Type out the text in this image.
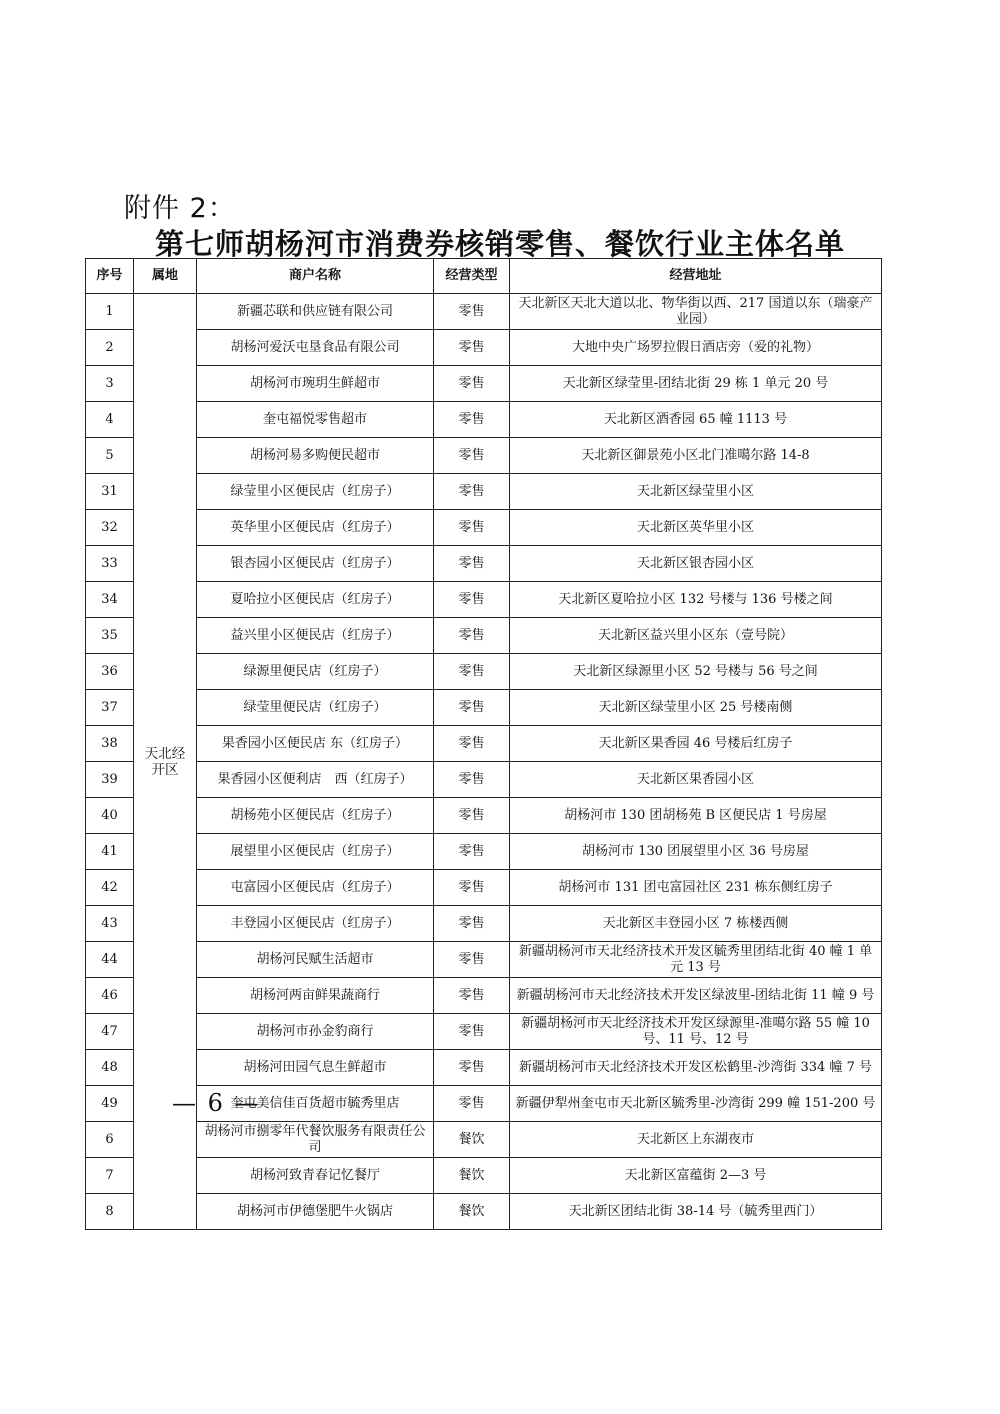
附件 2：
第七师胡杨河市消费券核销零售、餐饮行业主体名单
序号	属地	商户名称	经营类型	经营地址
1	天北经开区	新疆芯联和供应链有限公司	零售	天北新区天北大道以北、物华街以西、217 国道以东（瑞豪产业园）
2		胡杨河爱沃屯垦食品有限公司	零售	大地中央广场罗拉假日酒店旁（爱的礼物）
3		胡杨河市琬玥生鲜超市	零售	天北新区绿莹里-团结北街 29 栋 1 单元 20 号
4		奎屯福悦零售超市	零售	天北新区酒香园 65 幢 1113 号
5		胡杨河易多购便民超市	零售	天北新区御景苑小区北门准噶尔路 14-8
31		绿莹里小区便民店（红房子）	零售	天北新区绿莹里小区
32		英华里小区便民店（红房子）	零售	天北新区英华里小区
33		银杏园小区便民店（红房子）	零售	天北新区银杏园小区
34		夏哈拉小区便民店（红房子）	零售	天北新区夏哈拉小区 132 号楼与 136 号楼之间
35		益兴里小区便民店（红房子）	零售	天北新区益兴里小区东（壹号院）
36		绿源里便民店（红房子）	零售	天北新区绿源里小区 52 号楼与 56 号之间
37		绿莹里便民店（红房子）	零售	天北新区绿莹里小区 25 号楼南侧
38		果香园小区便民店 东（红房子）	零售	天北新区果香园 46 号楼后红房子
39		果香园小区便利店　西（红房子）	零售	天北新区果香园小区
40		胡杨苑小区便民店（红房子）	零售	胡杨河市 130 团胡杨苑 B 区便民店 1 号房屋
41		展望里小区便民店（红房子）	零售	胡杨河市 130 团展望里小区 36 号房屋
42		屯富园小区便民店（红房子）	零售	胡杨河市 131 团屯富园社区 231 栋东侧红房子
43		丰登园小区便民店（红房子）	零售	天北新区丰登园小区 7 栋楼西侧
44		胡杨河民赋生活超市	零售	新疆胡杨河市天北经济技术开发区毓秀里团结北街 40 幢 1 单元 13 号
46		胡杨河两亩鲜果蔬商行	零售	新疆胡杨河市天北经济技术开发区绿波里-团结北街 11 幢 9 号
47		胡杨河市孙金豹商行	零售	新疆胡杨河市天北经济技术开发区绿源里-准噶尔路 55 幢 10 号、11 号、12 号
48		胡杨河田园气息生鲜超市	零售	新疆胡杨河市天北经济技术开发区松鹤里-沙湾街 334 幢 7 号
49		奎屯美信佳百货超市毓秀里店	零售	新疆伊犁州奎屯市天北新区毓秀里-沙湾街 299 幢 151-200 号
6		胡杨河市捌零年代餐饮服务有限责任公司	餐饮	天北新区上东湖夜市
7		胡杨河致青春记忆餐厅	餐饮	天北新区富蕴街 2—3 号
8		胡杨河市伊德堡肥牛火锅店	餐饮	天北新区团结北街 38-14 号（毓秀里西门）
— 6 —
